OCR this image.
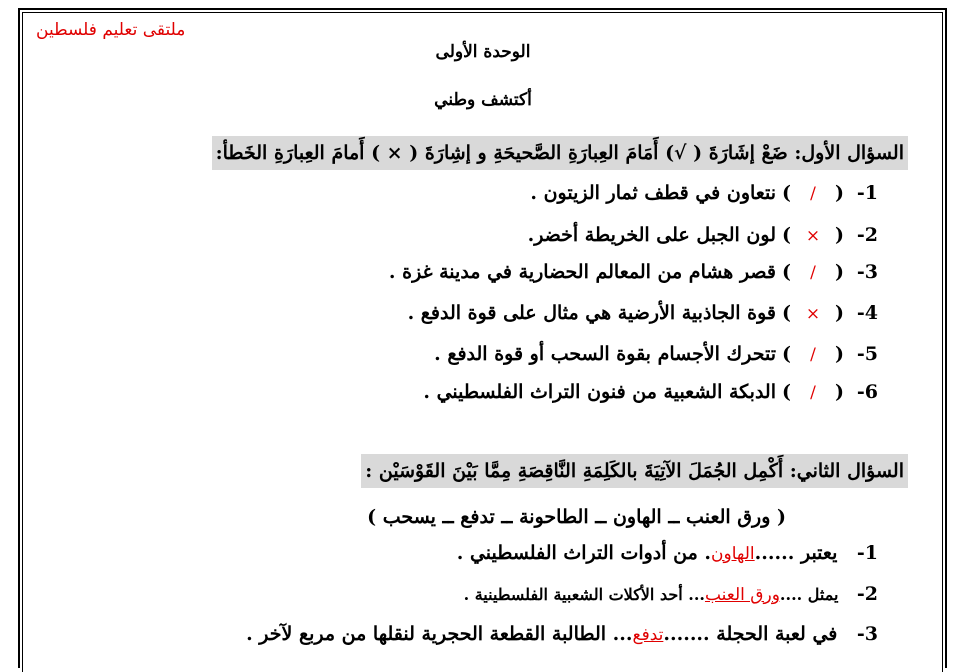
ملتقى تعليم فلسطين
الوحدة الأولى
أكتشف وطني
السؤال الأول: ضَعْ إشَارَةَ ( √) أَمَامَ العِبارَةِ الصَّحيحَةِ و إشِارَةَ ( × ) أَمامَ العِبارَةِ الخَطأ:
1-
(
/
)
نتعاون في قطف ثمار الزيتون .
2-
(
×
)
لون الجبل على الخريطة أخضر.
3-
(
/
)
قصر هشام من المعالم الحضارية في مدينة غزة .
4-
(
×
)
قوة الجاذبية الأرضية هي مثال على قوة الدفع .
5-
(
/
)
تتحرك الأجسام بقوة السحب أو قوة الدفع .
6-
(
/
)
الدبكة الشعبية من فنون التراث الفلسطيني .
السؤال الثاني: أَكْمِل الجُمَلَ الآتِيَةَ بالكَلِمَةِ النَّاقِصَةِ مِمَّا بَيْنَ القَوْسَيْن :
( ورق العنب ــ الهاون ــ الطاحونة ــ تدفع ــ يسحب )
1- يعتبر ......الهاون. من أدوات التراث الفلسطيني .
2- يمثل ....ورق العنب... أحد الأكلات الشعبية الفلسطينية .
3- في لعبة الحجلة .......تدفع... الطالبة القطعة الحجرية لنقلها من مربع لآخر .
